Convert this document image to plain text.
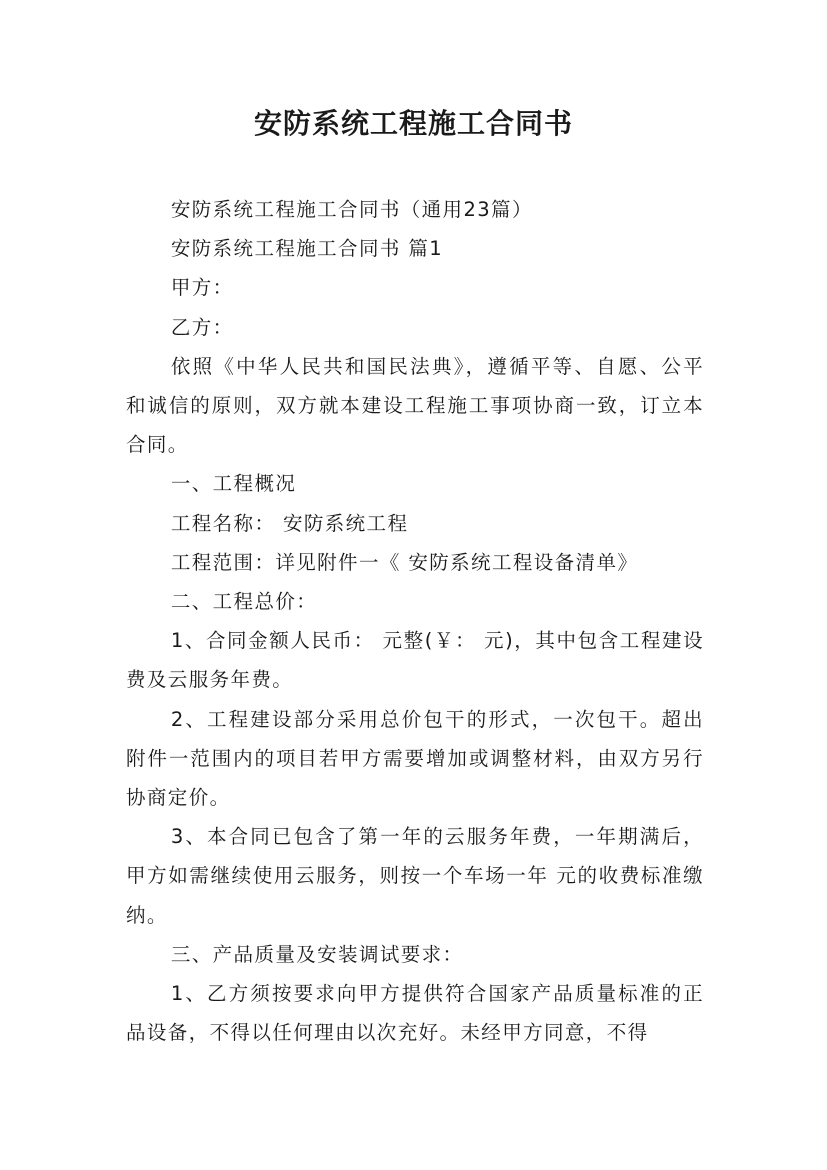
安防系统工程施工合同书

安防系统工程施工合同书（通用23篇）

安防系统工程施工合同书 篇1

甲方：

乙方：

依照《中华人民共和国民法典》，遵循平等、自愿、公平和诚信的原则，双方就本建设工程施工事项协商一致，订立本合同。

一、工程概况

工程名称： 安防系统工程

工程范围：详见附件一《 安防系统工程设备清单》

二、工程总价：

1、合同金额人民币： 元整(￥： 元)，其中包含工程建设费及云服务年费。

2、工程建设部分采用总价包干的形式，一次包干。超出附件一范围内的项目若甲方需要增加或调整材料，由双方另行协商定价。

3、本合同已包含了第一年的云服务年费，一年期满后，甲方如需继续使用云服务，则按一个车场一年 元的收费标准缴纳。

三、产品质量及安装调试要求：

1、乙方须按要求向甲方提供符合国家产品质量标准的正品设备，不得以任何理由以次充好。未经甲方同意，不得
